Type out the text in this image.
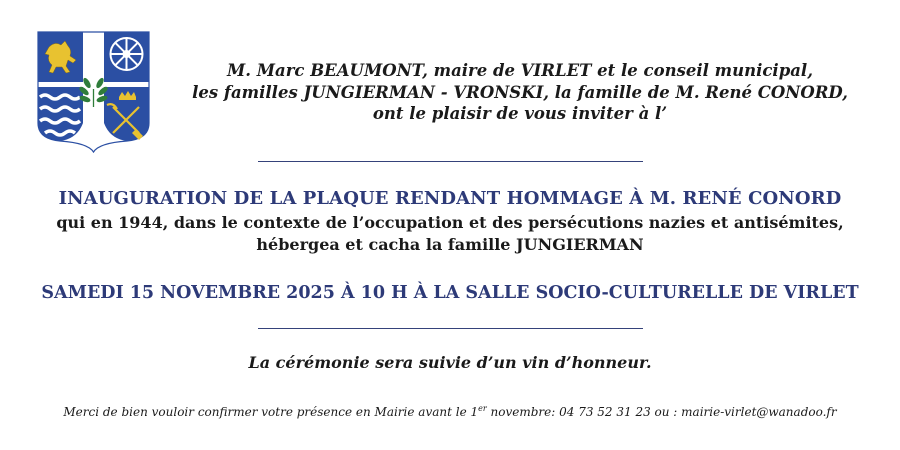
M. Marc BEAUMONT, maire de VIRLET et le conseil municipal,
les familles JUNGIERMAN - VRONSKI, la famille de M. René CONORD,
ont le plaisir de vous inviter à l’
INAUGURATION DE LA PLAQUE RENDANT HOMMAGE À M. RENÉ CONORD
qui en 1944, dans le contexte de l’occupation et des persécutions nazies et antisémites,
hébergea et cacha la famille JUNGIERMAN
SAMEDI 15 NOVEMBRE 2025 À 10 H À LA SALLE SOCIO-CULTURELLE DE VIRLET
La cérémonie sera suivie d’un vin d’honneur.
Merci de bien vouloir confirmer votre présence en Mairie avant le 1er novembre: 04 73 52 31 23 ou : mairie-virlet@wanadoo.fr
